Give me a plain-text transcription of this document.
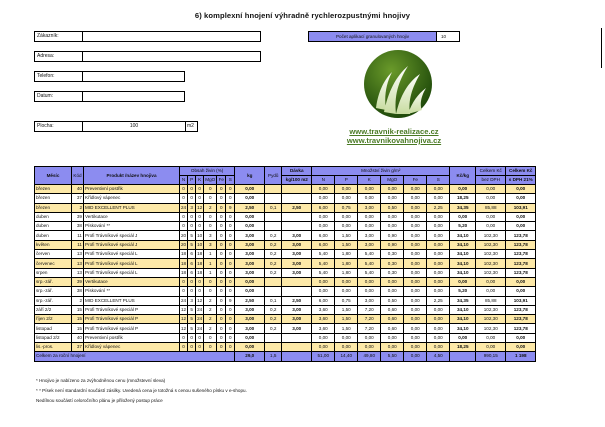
6) komplexní hnojení výhradně rychlerozpustnými hnojivy
Zákazník:
Adresa:
Telefon:
Datum:
Plocha:	100	m2
Počet aplikací granulovaných hnojiv	10
www.travnik-realizace.cz
www.travnikovahnojiva.cz
Měsíc	Kód	Produkt /název hnojiva	Obsah živin (%)						kg	Pydů	Dávka	Množství živin g/m²						Kč/kg	Celkem Kč	Celkem Kč
			N	P	K	MgO	Fe	S			kg/100 m2	N	P	K	MgO	Fe	S		bez DPH	s DPH 21%
březen	40	Preventivní postřik	0	0	0	0	0	0	0,00			0,00	0,00	0,00	0,00	0,00	0,00	0,00	0,00	0,00
březen	37	Křídlový vápenec	0	0	0	0	0	0	0,00			0,00	0,00	0,00	0,00	0,00	0,00	18,25	0,00	0,00
březen	2	MID EXCELLENT PLUS	24	3	12	2	0	9	2,50	0,1	2,50	6,00	0,75	3,00	0,50	0,00	2,25	34,35	85,88	103,91
duben	39	Vertikutace	0	0	0	0	0	0	0,00			0,00	0,00	0,00	0,00	0,00	0,00	0,00	0,00	0,00
duben	38	Pískování **	0	0	0	0	0	0	0,00			0,00	0,00	0,00	0,00	0,00	0,00	5,20	0,00	0,00
duben	11	Profi Trávníkové speciál J	20	5	10	3	0	0	3,00	0,2	3,00	6,00	1,50	3,00	0,90	0,00	0,00	34,10	102,30	123,78
květen	11	Profi Trávníkové speciál J	20	5	10	3	0	0	3,00	0,2	3,00	6,00	1,50	3,00	0,90	0,00	0,00	34,10	102,30	123,78
červen	13	Profi Trávníkové speciál L	18	6	18	1	0	0	3,00	0,2	3,00	5,40	1,80	5,40	0,30	0,00	0,00	34,10	102,30	123,78
červenec	13	Profi Trávníkové speciál L	18	6	18	1	0	0	3,00	0,2	3,00	5,40	1,80	5,40	0,30	0,00	0,00	34,10	102,30	123,78
srpen	13	Profi Trávníkové speciál L	18	6	18	1	0	0	3,00	0,2	3,00	5,40	1,80	5,40	0,30	0,00	0,00	34,10	102,30	123,78
srp.-zář.	39	Vertikutace	0	0	0	0	0	0	0,00			0,00	0,00	0,00	0,00	0,00	0,00	0,00	0,00	0,00
srp.-zář.	38	Pískování **	0	0	0	0	0	0	0,00			0,00	0,00	0,00	0,00	0,00	0,00	5,20	0,00	0,00
srp.-zář.	2	MID EXCELLENT PLUS	24	3	12	2	0	9	2,50	0,1	2,50	6,00	0,75	3,00	0,50	0,00	2,25	34,35	85,88	103,91
září 2/2	15	Profi Trávníkové speciál P	12	5	24	2	0	0	3,00	0,2	3,00	3,60	1,50	7,20	0,60	0,00	0,00	34,10	102,30	123,78
říjen 2/2	15	Profi Trávníkové speciál P	12	5	24	2	0	0	3,00	0,2	3,00	3,60	1,50	7,20	0,60	0,00	0,00	34,10	102,30	123,78
listopad	15	Profi Trávníkové speciál P	12	5	24	2	0	0	3,00	0,2	3,00	3,60	1,50	7,20	0,60	0,00	0,00	34,10	102,30	123,78
listopad 2/2	40	Preventivní postřik	0	0	0	0	0	0	0,00			0,00	0,00	0,00	0,00	0,00	0,00	0,00	0,00	0,00
lis.-pros.	37	Křídlový vápenec	0	0	0	0	0	0	0,00			0,00	0,00	0,00	0,00	0,00	0,00	18,25	0,00	0,00
Celkem za roční hnojení									29,0	1,5		51,00	14,40	49,80	5,50	0,00	4,50		990,15	1 198
* Hnojivo je nabízeno za zvýhodněnou cenu (množstevní sleva)
* * Písek není standardní součástí zásilky. Uvedená cena je totožná s cenou sušeného písku v e-shopu.
Nedílnou součástí celoročního plánu je přiložený postup práce
